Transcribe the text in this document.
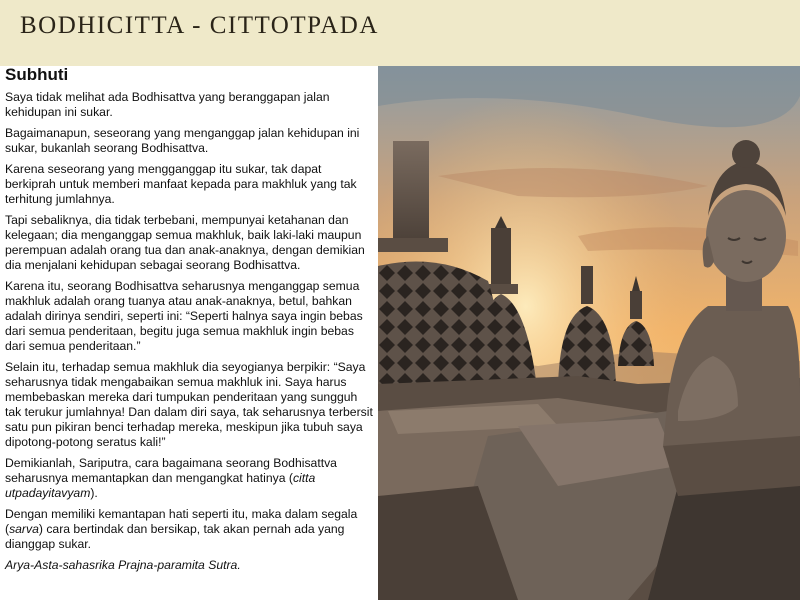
BODHICITTA - CITTOTPADA

Subhuti

Saya tidak melihat ada Bodhisattva yang beranggapan jalan kehidupan ini sukar.

Bagaimanapun, seseorang yang menganggap jalan kehidupan ini sukar, bukanlah seorang Bodhisattva.

Karena seseorang yang mengganggap itu sukar, tak dapat berkiprah untuk memberi manfaat kepada para makhluk yang tak terhitung jumlahnya.

Tapi sebaliknya, dia tidak terbebani, mempunyai ketahanan dan kelegaan; dia menganggap semua makhluk, baik laki-laki maupun perempuan adalah orang tua dan anak-anaknya, dengan demikian dia menjalani kehidupan sebagai seorang Bodhisattva.

Karena itu, seorang Bodhisattva seharusnya menganggap semua makhluk adalah orang tuanya atau anak-anaknya, betul, bahkan adalah dirinya sendiri, seperti ini: “Seperti halnya saya ingin bebas dari semua penderitaan, begitu juga semua makhluk ingin bebas dari semua penderitaan.”

Selain itu, terhadap semua makhluk dia seyogianya berpikir: “Saya seharusnya tidak mengabaikan semua makhluk ini. Saya harus membebaskan mereka dari tumpukan penderitaan yang sungguh tak terukur jumlahnya! Dan dalam diri saya, tak seharusnya terbersit satu pun pikiran benci terhadap mereka, meskipun jika tubuh saya dipotong-potong seratus kali!”

Demikianlah, Sariputra, cara bagaimana seorang Bodhisattva seharusnya memantapkan dan mengangkat hatinya (citta utpadayitavyam).

Dengan memiliki kemantapan hati seperti itu, maka dalam segala (sarva) cara bertindak dan bersikap, tak akan pernah ada yang dianggap sukar.

Arya-Asta-sahasrika Prajna-paramita Sutra.
